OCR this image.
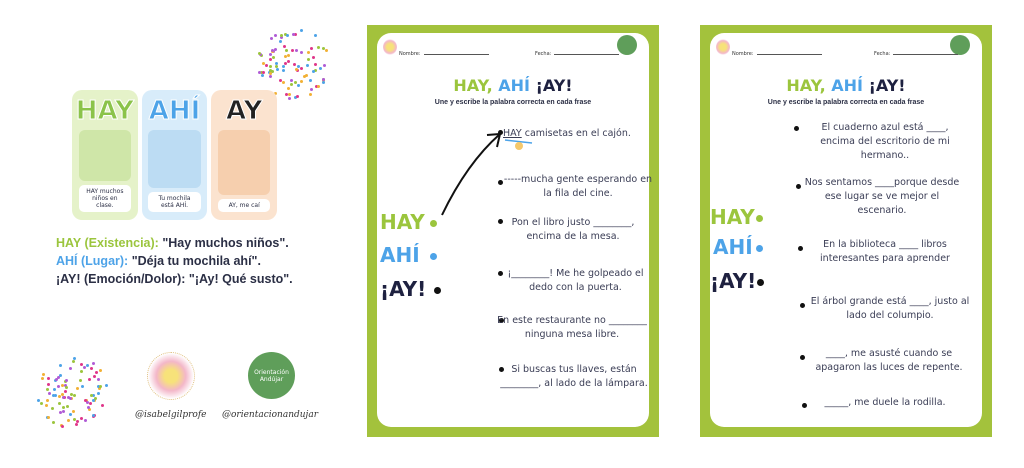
HAY
HAY muchos niños en clase.
AHÍ
Tu mochila está AHÍ.
AY
AY, me caí
HAY (Existencia): "Hay muchos niños".
AHÍ (Lugar): "Déja tu mochila ahí".
¡AY! (Emoción/Dolor): "¡Ay! Qué susto".
Orientación Andújar
@isabelgilprofe @orientacionandujar
Nombre:	Fecha:
HAY, AHÍ ¡AY!
Une y escribe la palabra correcta en cada frase
HAY
AHÍ
¡AY!
HAY camisetas en el cajón.
-----mucha gente esperando en la fila del cine.
Pon el libro justo ________, encima de la mesa.
¡________! Me he golpeado el dedo con la puerta.
En este restaurante no ________ ninguna mesa libre.
Si buscas tus llaves, están ________, al lado de la lámpara.
Nombre:	Fecha:
HAY, AHÍ ¡AY!
Une y escribe la palabra correcta en cada frase
HAY
AHÍ
¡AY!
El cuaderno azul está ____, encima del escritorio de mi hermano..
Nos sentamos ____porque desde ese lugar se ve mejor el escenario.
En la biblioteca ____ libros interesantes para aprender
El árbol grande está ____, justo al lado del columpio.
____, me asusté cuando se apagaron las luces de repente.
_____, me duele la rodilla.
